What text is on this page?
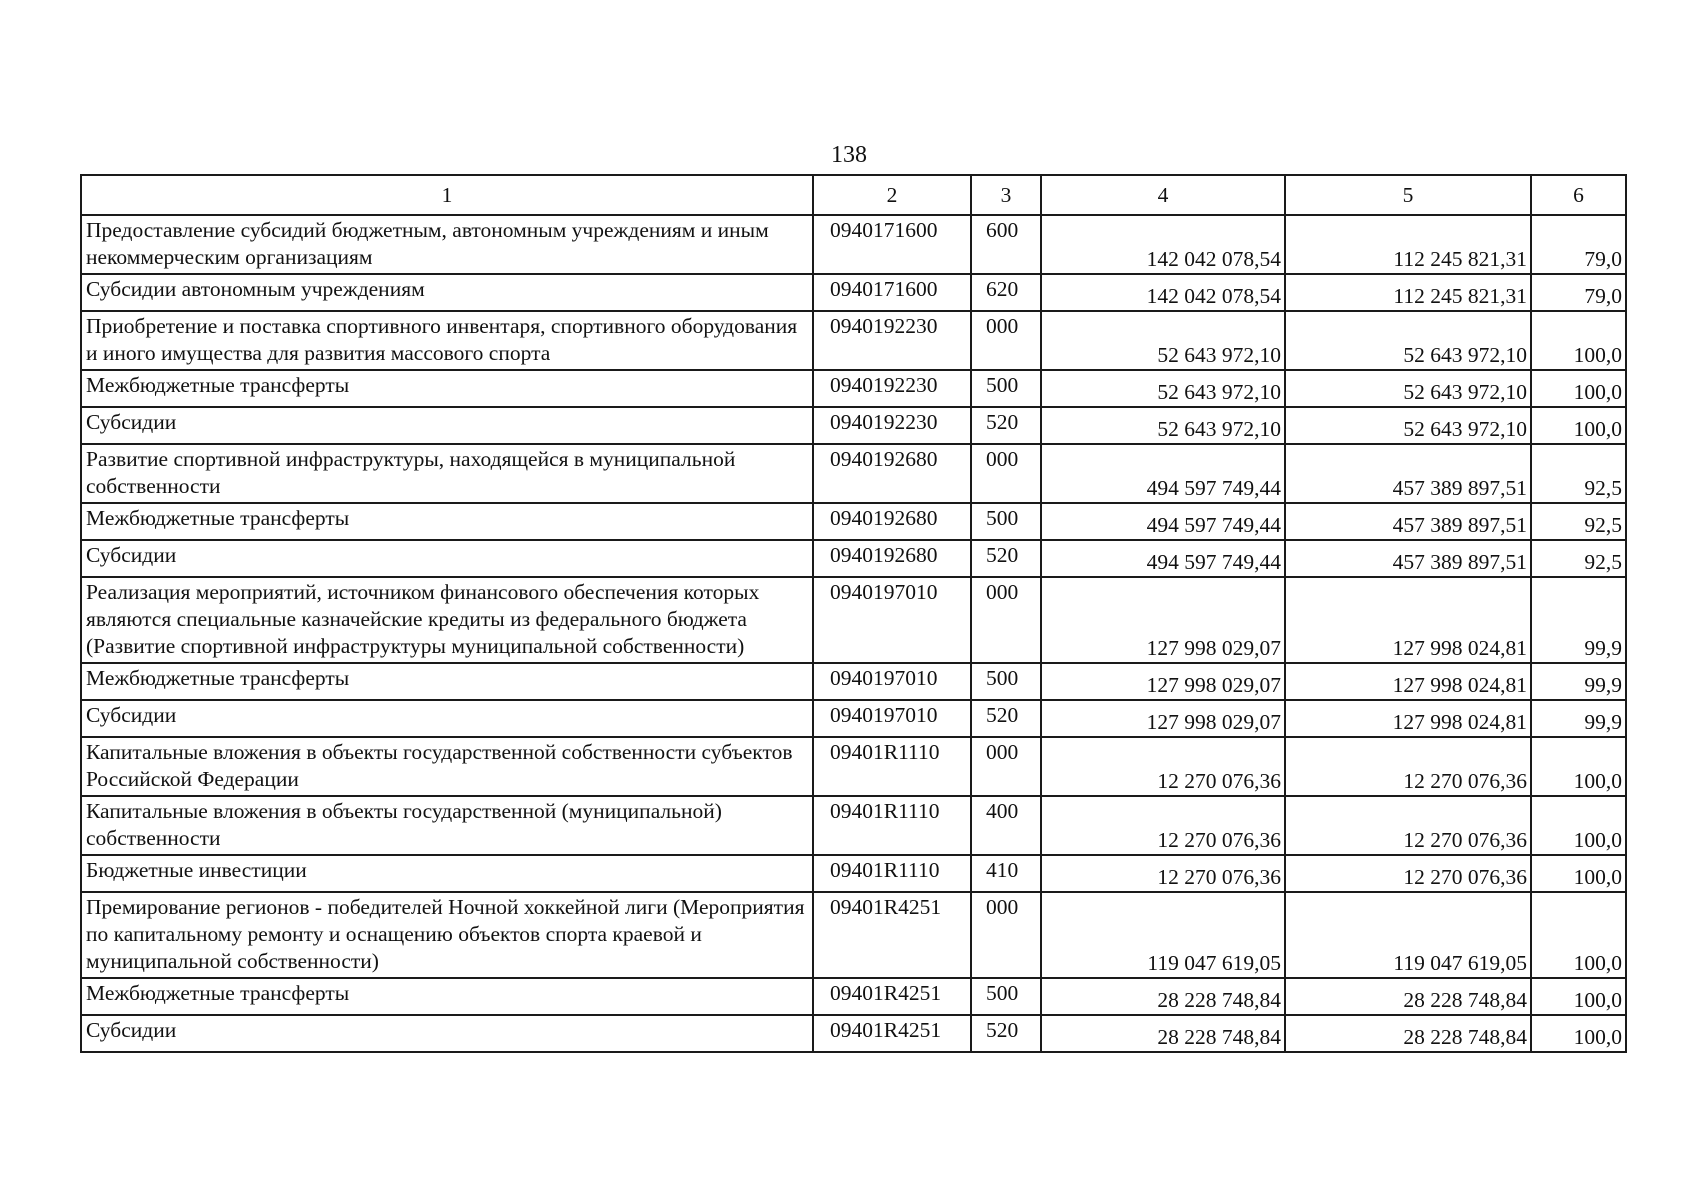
138
1	2	3	4	5	6
Предоставление субсидий бюджетным, автономным учреждениям и иным некоммерческим организациям	0940171600	600	142 042 078,54	112 245 821,31	79,0
Субсидии автономным учреждениям	0940171600	620	142 042 078,54	112 245 821,31	79,0
Приобретение и поставка спортивного инвентаря, спортивного оборудования и иного имущества для развития массового спорта	0940192230	000	52 643 972,10	52 643 972,10	100,0
Межбюджетные трансферты	0940192230	500	52 643 972,10	52 643 972,10	100,0
Субсидии	0940192230	520	52 643 972,10	52 643 972,10	100,0
Развитие спортивной инфраструктуры, находящейся в муниципальной собственности	0940192680	000	494 597 749,44	457 389 897,51	92,5
Межбюджетные трансферты	0940192680	500	494 597 749,44	457 389 897,51	92,5
Субсидии	0940192680	520	494 597 749,44	457 389 897,51	92,5
Реализация мероприятий, источником финансового обеспечения которых являются специальные казначейские кредиты из федерального бюджета (Развитие спортивной инфраструктуры муниципальной собственности)	0940197010	000	127 998 029,07	127 998 024,81	99,9
Межбюджетные трансферты	0940197010	500	127 998 029,07	127 998 024,81	99,9
Субсидии	0940197010	520	127 998 029,07	127 998 024,81	99,9
Капитальные вложения в объекты государственной собственности субъектов Российской Федерации	09401R1110	000	12 270 076,36	12 270 076,36	100,0
Капитальные вложения в объекты государственной (муниципальной) собственности	09401R1110	400	12 270 076,36	12 270 076,36	100,0
Бюджетные инвестиции	09401R1110	410	12 270 076,36	12 270 076,36	100,0
Премирование регионов - победителей Ночной хоккейной лиги (Мероприятия по капитальному ремонту и оснащению объектов спорта краевой и муниципальной собственности)	09401R4251	000	119 047 619,05	119 047 619,05	100,0
Межбюджетные трансферты	09401R4251	500	28 228 748,84	28 228 748,84	100,0
Субсидии	09401R4251	520	28 228 748,84	28 228 748,84	100,0
